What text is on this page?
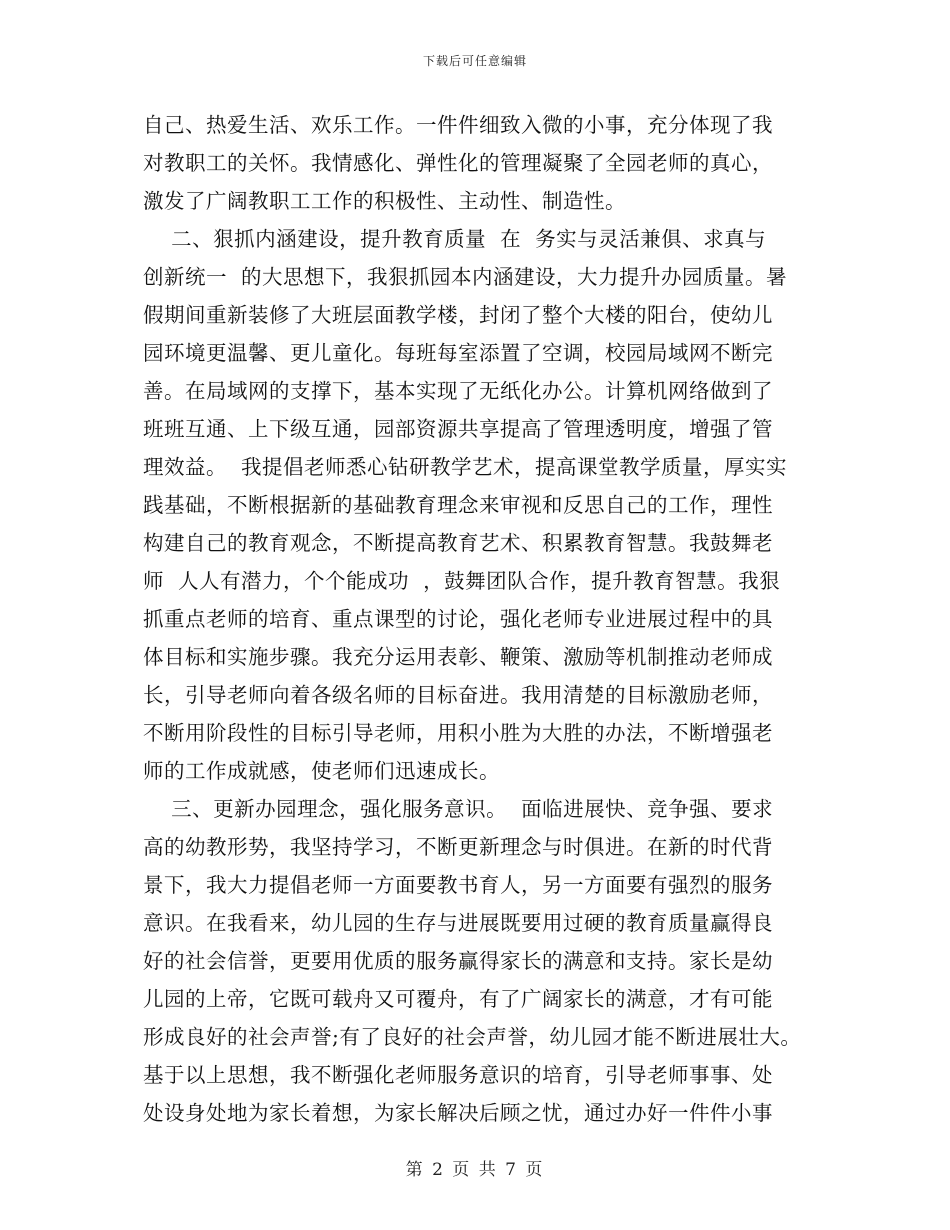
下载后可任意编辑
自己、热爱生活、欢乐工作。一件件细致入微的小事，充分体现了我
对教职工的关怀。我情感化、弹性化的管理凝聚了全园老师的真心，
激发了广阔教职工工作的积极性、主动性、制造性。
二、狠抓内涵建设，提升教育质量  在  务实与灵活兼俱、求真与
创新统一  的大思想下，我狠抓园本内涵建设，大力提升办园质量。暑
假期间重新装修了大班层面教学楼，封闭了整个大楼的阳台，使幼儿
园环境更温馨、更儿童化。每班每室添置了空调，校园局域网不断完
善。在局域网的支撑下，基本实现了无纸化办公。计算机网络做到了
班班互通、上下级互通，园部资源共享提高了管理透明度，增强了管
理效益。  我提倡老师悉心钻研教学艺术，提高课堂教学质量，厚实实
践基础，不断根据新的基础教育理念来审视和反思自己的工作，理性
构建自己的教育观念，不断提高教育艺术、积累教育智慧。我鼓舞老
师  人人有潜力，个个能成功  ，鼓舞团队合作，提升教育智慧。我狠
抓重点老师的培育、重点课型的讨论，强化老师专业进展过程中的具
体目标和实施步骤。我充分运用表彰、鞭策、激励等机制推动老师成
长，引导老师向着各级名师的目标奋进。我用清楚的目标激励老师，
不断用阶段性的目标引导老师，用积小胜为大胜的办法，不断增强老
师的工作成就感，使老师们迅速成长。
三、更新办园理念，强化服务意识。  面临进展快、竞争强、要求
高的幼教形势，我坚持学习，不断更新理念与时俱进。在新的时代背
景下，我大力提倡老师一方面要教书育人，另一方面要有强烈的服务
意识。在我看来，幼儿园的生存与进展既要用过硬的教育质量赢得良
好的社会信誉，更要用优质的服务赢得家长的满意和支持。家长是幼
儿园的上帝，它既可载舟又可覆舟，有了广阔家长的满意，才有可能
形成良好的社会声誉;有了良好的社会声誉，幼儿园才能不断进展壮大。
基于以上思想，我不断强化老师服务意识的培育，引导老师事事、处
处设身处地为家长着想，为家长解决后顾之忧，通过办好一件件小事
第 2 页 共 7 页
